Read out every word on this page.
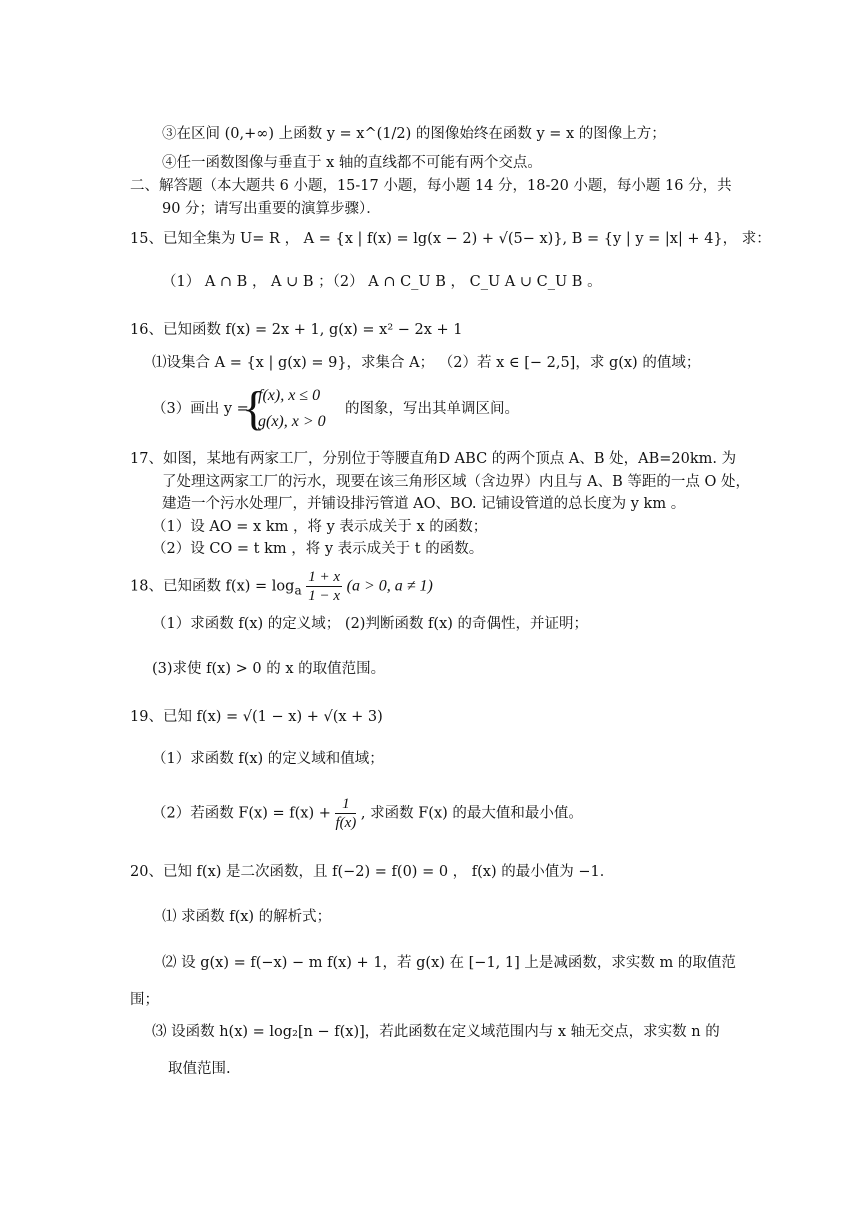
③在区间 (0,+∞) 上函数 y = x^(1/2) 的图像始终在函数 y = x 的图像上方；
④任一函数图像与垂直于 x 轴的直线都不可能有两个交点。
二、解答题（本大题共 6 小题，15-17 小题，每小题 14 分，18-20 小题，每小题 16 分，共
90 分；请写出重要的演算步骤）．
15、已知全集为 U= R ， A = {x | f(x) = lg(x − 2) + √(5− x)}, B = {y | y = |x| + 4}， 求：
（1） A ∩ B ， A ∪ B ；（2） A ∩ C_U B ， C_U A ∪ C_U B 。
16、已知函数 f(x) = 2x + 1, g(x) = x² − 2x + 1
⑴设集合 A = {x | g(x) = 9}，求集合 A； （2）若 x ∈ [− 2,5]，求 g(x) 的值域；
（3）画出 y =
{
f(x), x ≤ 0
g(x), x > 0
的图象，写出其单调区间。
17、如图，某地有两家工厂，分别位于等腰直角D ABC 的两个顶点 A、B 处，AB=20km. 为
了处理这两家工厂的污水，现要在该三角形区域（含边界）内且与 A、B 等距的一点 O 处，
建造一个污水处理厂，并铺设排污管道 AO、BO. 记铺设管道的总长度为 y km 。
（1）设 AO = x km ，将 y 表示成关于 x 的函数；
（2）设 CO = t km ，将 y 表示成关于 t 的函数。
18、已知函数 $f(x) = \log_a \frac{1 + x}{1 - x} (a > 0$, a ≠ 1)
（1）求函数 f(x) 的定义域； (2)判断函数 f(x) 的奇偶性，并证明；
(3)求使 f(x) > 0 的 x 的取值范围。
19、已知 f(x) = √(1 − x) + √(x + 3)
（1）求函数 f(x) 的定义域和值域；
（2）若函数 $F(x) = f(x) + \frac{1}{f(x)}$ , 求函数 F(x) 的最大值和最小值。
20、已知 f(x) 是二次函数，且 f(−2) = f(0) = 0 ， f(x) 的最小值为 −1．
⑴ 求函数 f(x) 的解析式；
⑵ 设 g(x) = f(−x) − m f(x) + 1，若 g(x) 在 [−1, 1] 上是减函数，求实数 m 的取值范
围；
⑶ 设函数 h(x) = log₂[n − f(x)]，若此函数在定义域范围内与 x 轴无交点，求实数 n 的
取值范围.
